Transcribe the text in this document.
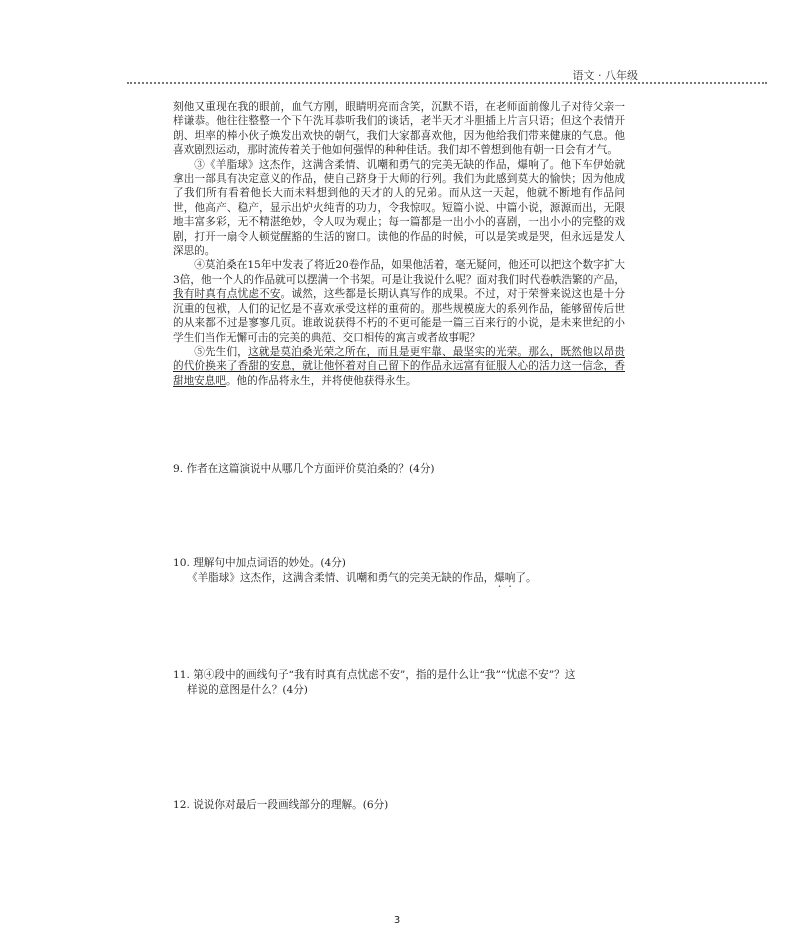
语文 · 八年级

刻他又重现在我的眼前，血气方刚，眼睛明亮而含笑，沉默不语，在老师面前像儿子对待父亲一样谦恭。他往往整整一个下午洗耳恭听我们的谈话，老半天才斗胆插上片言只语；但这个表情开朗、坦率的棒小伙子焕发出欢快的朝气，我们大家都喜欢他，因为他给我们带来健康的气息。他喜欢剧烈运动，那时流传着关于他如何强悍的种种佳话。我们却不曾想到他有朝一日会有才气。

③《羊脂球》这杰作，这满含柔情、讥嘲和勇气的完美无缺的作品，爆响了。他下车伊始就拿出一部具有决定意义的作品，使自己跻身于大师的行列。我们为此感到莫大的愉快；因为他成了我们所有看着他长大而未料想到他的天才的人的兄弟。而从这一天起，他就不断地有作品问世，他高产、稳产，显示出炉火纯青的功力，令我惊叹。短篇小说、中篇小说，源源而出，无限地丰富多彩，无不精湛绝妙，令人叹为观止；每一篇都是一出小小的喜剧，一出小小的完整的戏剧，打开一扇令人顿觉醒豁的生活的窗口。读他的作品的时候，可以是笑或是哭，但永远是发人深思的。

④莫泊桑在15年中发表了将近20卷作品，如果他活着，毫无疑问，他还可以把这个数字扩大3倍，他一个人的作品就可以摆满一个书架。可是让我说什么呢？面对我们时代卷帙浩繁的产品，我有时真有点忧虑不安。诚然，这些都是长期认真写作的成果。不过，对于荣誉来说这也是十分沉重的包袱，人们的记忆是不喜欢承受这样的重荷的。那些规模庞大的系列作品，能够留传后世的从来都不过是寥寥几页。谁敢说获得不朽的不更可能是一篇三百来行的小说，是未来世纪的小学生们当作无懈可击的完美的典范、交口相传的寓言或者故事呢？

⑤先生们，这就是莫泊桑光荣之所在，而且是更牢靠、最坚实的光荣。那么，既然他以昂贵的代价换来了香甜的安息，就让他怀着对自己留下的作品永远富有征服人心的活力这一信念，香甜地安息吧。他的作品将永生，并将使他获得永生。

9. 作者在这篇演说中从哪几个方面评价莫泊桑的？(4分)
10. 理解句中加点词语的妙处。(4分)
《羊脂球》这杰作，这满含柔情、讥嘲和勇气的完美无缺的作品，爆响了。
11. 第④段中的画线句子“我有时真有点忧虑不安”，指的是什么让“我”“忧虑不安”？这
样说的意图是什么？(4分)
12. 说说你对最后一段画线部分的理解。(6分)
3
